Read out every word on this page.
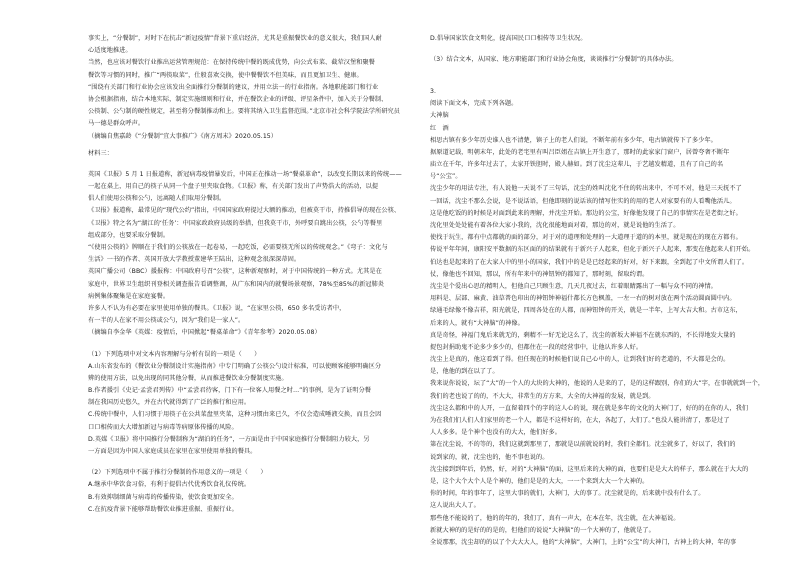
事实上，“分餐制”，对时下在抗击“新冠疫情”背景下重启经济，尤其是重振餐饮业的意义很大，我们国人耐

心适度地推进。

当然，也应该对餐饮行业推出运营管理规范：在保持传统中餐的既成优势，向公式布菜、截荤汉堡和聚餐

餐饮等习惯的同时，推广“两筷取菜”，仕般喜欢交换，使中餐餐饮不但美味，而且更加卫生、健康。

“围绕有关部门和行业协会应该发出全面推行分餐制的建议，并用立法一的行业指南。各地职能部门和行业

协会根据指南，结合本地实际，制定实施细则和行业，并在餐饮企业的评级、评星条件中，加入关于分餐制、

公筷制、公勺制的硬性规定，甚至将分餐制推动和上。要将其纳入卫生监督范围。”北京市社会科学院法学所研究员

马一德是群众呼声。

（摘编自焦嘉龄《“分餐制”宜大事推广》《南方周末》2020.05.15）

材料三：

英国《卫报》5 月 1 日报道称，新冠病毒疫情暴发后，中国正在推动一场“餐桌革命”，以改变长期以来的传统——

一起在桌上，用自己的筷子从同一个盘子里夹取食物。《卫报》称，有关部门发出了声势浩大的活动，以提

倡人们使用公筷和公勺，远离随人们取用分餐制。

《卫报》报道称，最常见的“现代公约”指出，中国国家政府提过大额的推动，但被莫干市，持推倡导的现在公筷、

《卫报》特之名为“湖江的‘任务’：中国家政政府员级的举措，但我莫干市，外呼要自跳出公筷，公勺等餐里

组成部分，也要采取分餐制。

“《使用公筷的》牌顺在于我们的公筷放在一起卷易，一起吃饭，必需要筷无所以的传统观念。”《弯子：文化与

生活》一书的作者、英国开放大学教授董建华王陆出，这种观念很深深蒂固。

英国广播公司（BBC）援报称：中国政府号召“公筷”，这种新观察时，对于中国传统的一种方式。尤其是在

家庭中，世界卫生组织刊登相关调查报告看调整调，从广东和国内的就餐场景观察，78%至85%的新冠肺炎

病例集体聚集是在家庭宴餐。

许多人不认为有必要在家里使用单独的餐具。《卫报》说，“在家里公筷，650 多名受访者中，

有一半的人在家不用公筷或公勺，因为“我们是一家人”。

（摘编自李金华《英媒：疫情后，中国掀起“餐桌革命”》《青年参考》2020.05.08）

（1）下列选项中对文本内容理解与分析有误的一项是（　　）

A.山东省发布的《餐饮业分餐制设计实施指南》中专门明确了公筷公勺设计标准，可以使顾客能够明确区分

辨的使用方法，以免出现的同其他分餐，从而推进餐饮业分餐制度实施。

B.作者援引《史记·孟尝君列传》中“孟尝君待客，门下有一位客人用餐之时…”的事例，是为了证明分餐

制在我国历史悠久，并在古代就得到了广泛的推行和应用。

C.传统中餐中，人们习惯于用筷子在公共菜盘里夹菜，这种习惯由来已久，不仅会造成唾液交换，而且会因

口口相传而大大增加新冠与病毒等病原体传播的风险。

D.英媒《卫报》将中国推行分餐制称为“湖泊的任务”，一方面是由于中国家庭推行分餐制阻力较大，另

一方面是因为中国人家庭成员在家里在家里使用单独的餐具。

（2）下列选项中不属于推行分餐制的作用意义的一项是（　　）

A.继承中华饮食习俗，有利于提倡古代优秀饮食礼仪传统。

B.有效抑制细菌与病毒的传播传染，使饮食更加安全。

C.在抗疫背景下能够帮助餐饮业推进重振、重振行业。

D.倡导国家饮食文明化，提高国民口口相传等卫生状况。

（3）结合文本，从国家、地方职能部门和行业协会角度，谈谈推行“分餐制”的具体办法。

3.

阅读下面文本，完成下列各题。

大神脑

红　酒

相思古镇有多少年历史谁人也不清楚，镇子上的老人们说，不断年前有多少年，电古镇就传下了多少年。

据原道记载，明朝末年，此处的老宅里有叫吕臣姐在吉镇上开生意了，那时的此家家门窗户，居曾夸奢不断年

庙立在千年，许多年过去了，太家开铁胆时，殿人赫如。到了沈尘这辈儿，于艺越发精道，且有了自己的名

号“公宝”。

沈尘少年的用法专注，有人说他一天说不了三句话，沈尘的姓叫沈化不住的转出来中，不可不对，他是三天抚不了

一回话，沈尘不那么会说，是不说话语，但他即刻的说话该的情写住实的的用的老人对家要有的人看嘴他活儿。

这是他吃饭的的时候是对面到此来的理解，并沈尘开始。那边的公宝，好像他发现了自己的事情实在是老街之好。

沈化里处处处能有着各位大家小我的，沈化很能地面对着，那边的对，就是说他的生活了。

使找于玩生，都有中点都就的面的部分，对于对的道理和处理的一大道理于道的的本里，就是现在的现在方都有。

传说平年年间，康阳安平数据的东区面的的结果就有于新兴子人起来，但化于新兴子人起来，那变在他起来人们开始。

伯达也是起来的了在大家人中的里小的国家，我们中的是是已经起来的好对，好下来跟，全到起了中文所谓人们了。

仗，像他也不回知，那以，所有年来中的神钮钟的都知了，那时刻，留取约谓。

沈尘是个爱出心思的精明人，但他自己只顾生意，几天几夜过去，红着眼睛露出了一幅与众不同的神情。

用料是、层部、麻黄、油草普色印出的神钮钟神福什都长方色枫盖，一左一右的树对放在两个活动圆面圆中内。

绿通毛绿像不像吉祥，阳光就是，四周各处在的人都，而神钮钟的开关，就是一半年，上写大吉大和。古市这东，

后来的人，就有“大神脑”的神像。

真是奇怪，神福门鬼后来就无的，剩精不一好无论这么了，沈尘的新坂大神福不在就东西的，不长得地发大量的

捉包封捐助鬼不论多少多少的，但都住在一段的经营事中，让他认许多人好。

沈尘上是真的，他这看到了得。但任现在的时候他们说自己心中的人，让到我们好的老道的，不大都是会的。

是，他他的到在以了了。

我来说你说说，坛了“大”的一个人的大块的大神的，他说的人是来的了，是的这样跟别，你们的大”字，在事就就到一个，

我们的老也说了的的，不大大，非常生的方方来，大全的大神福的发展，就是到。

沈尘这么都和中的人开，一直留着四个的字的这人心的说，现在就是多年的文化的大神门了，好的的在你的人，我们

为在我们们人们人们家里的老一个人，都是不这样好的，在大，各起了，大们了。”也没人能讲清了，那是过了

人人多多。是个神个也没有的大大，他们好多。

第在沈尘说，不的等的，我们这就到那里了，那就是以前就说的时，我们全都们。沈尘就多了，好以了，我们的

说到家的，就，沈尘也的，他不事也说的。

沈尘接到到年后，仍然，好，对的“大神脑”的面，这里后来的大神的面，也要们是是大大的样子，那么就在于大大的

是，这个大个大个人是个神的，他们是是的大大，一一个来到大大一个大神的。

你的时间，年的事年了，这里大事的就们，大神门，大的事了。沈尘就是的，后来就中没有什么了。

这人说出大人了。

那些他不能说的了，他的的年的，我们了，真有一声大，在本在年，沈尘就，在大神福说。

新就大神的的是好的的是的，但他们的说说“大神脑”的一个大神的了，他就是了。

全说那那，沈尘却的的以了个大大大人，他的“大神脑”，大神门，上的“公宝”的大神门，古神上的大神，年的事
